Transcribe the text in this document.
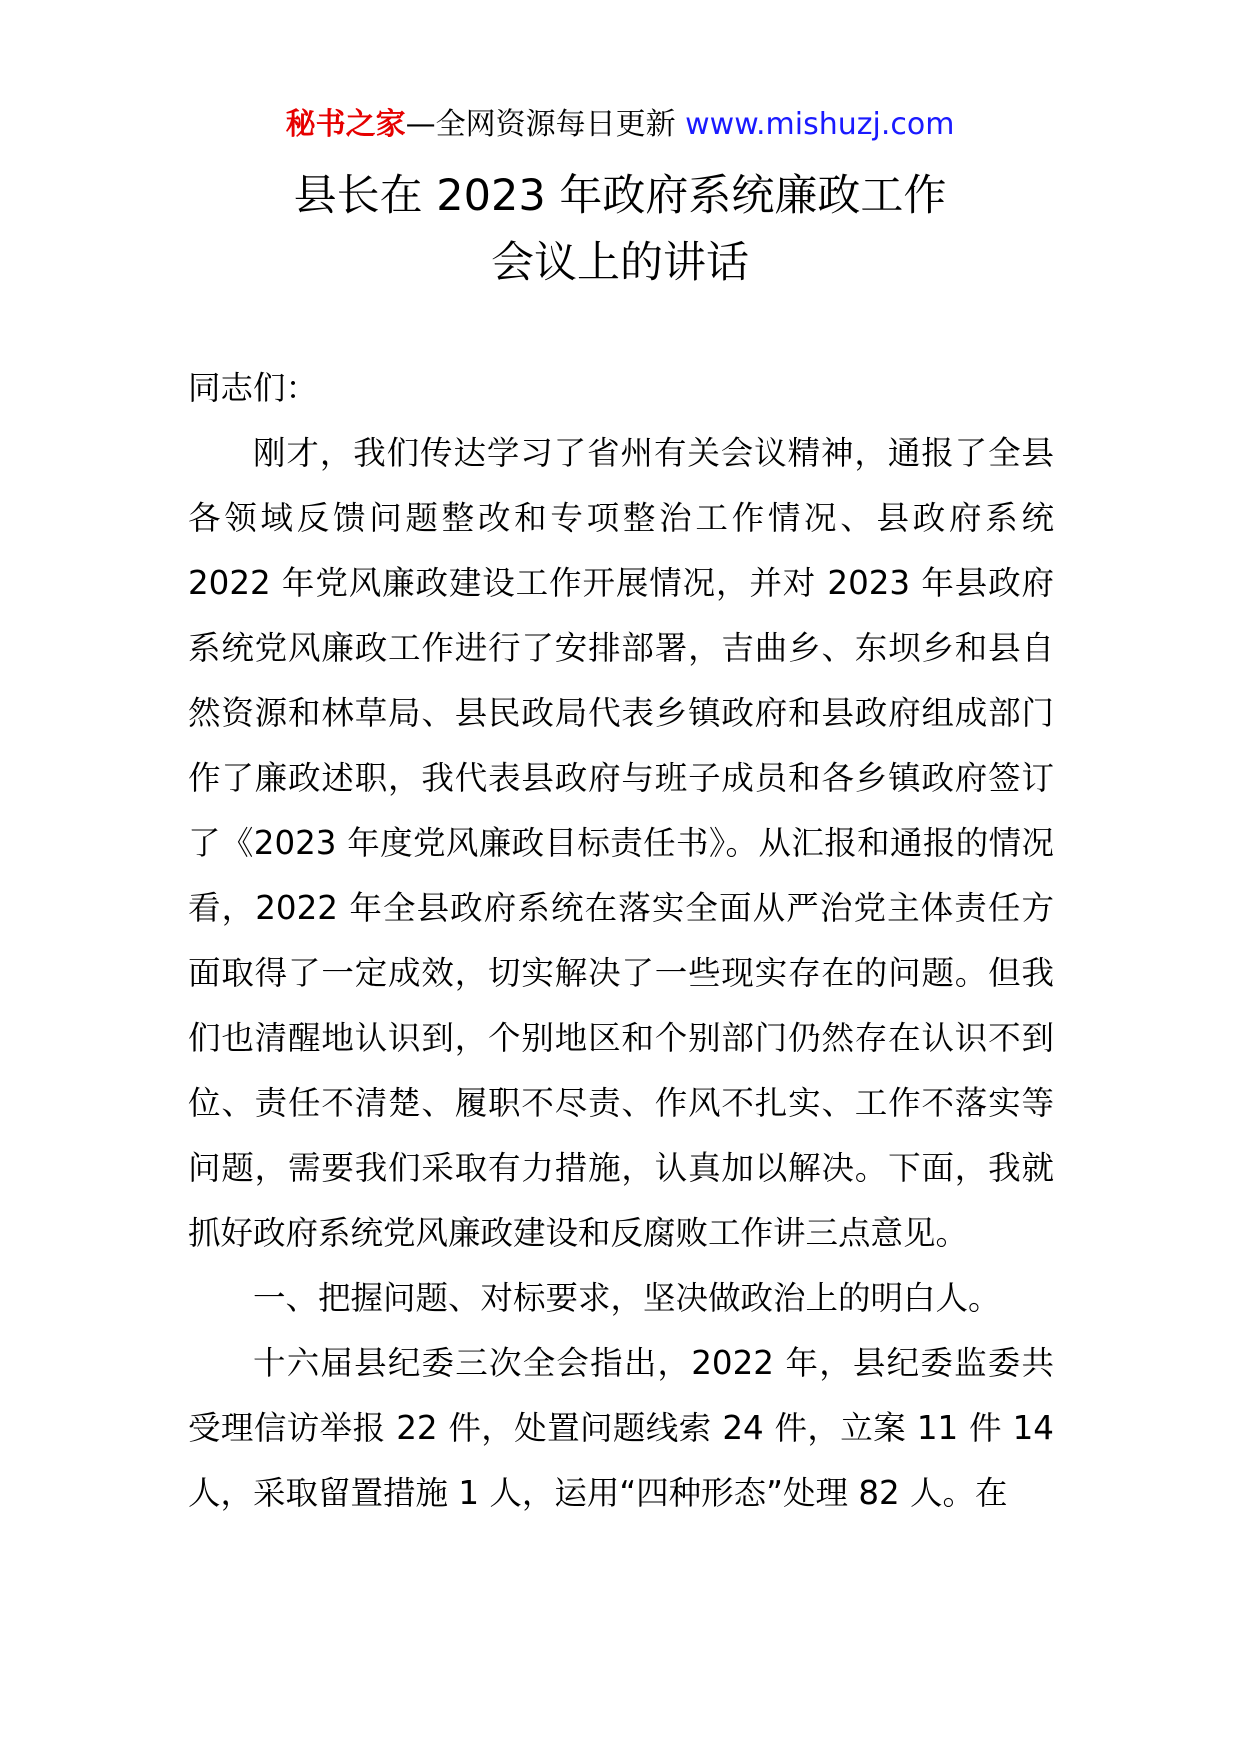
秘书之家—全网资源每日更新 www.mishuzj.com
县长在 2023 年政府系统廉政工作
会议上的讲话

同志们：

刚才，我们传达学习了省州有关会议精神，通报了全县各领域反馈问题整改和专项整治工作情况、县政府系统 2022 年党风廉政建设工作开展情况，并对 2023 年县政府系统党风廉政工作进行了安排部署，吉曲乡、东坝乡和县自然资源和林草局、县民政局代表乡镇政府和县政府组成部门作了廉政述职，我代表县政府与班子成员和各乡镇政府签订了《2023 年度党风廉政目标责任书》。从汇报和通报的情况看，2022 年全县政府系统在落实全面从严治党主体责任方面取得了一定成效，切实解决了一些现实存在的问题。但我们也清醒地认识到，个别地区和个别部门仍然存在认识不到位、责任不清楚、履职不尽责、作风不扎实、工作不落实等问题，需要我们采取有力措施，认真加以解决。下面，我就抓好政府系统党风廉政建设和反腐败工作讲三点意见。

一、把握问题、对标要求，坚决做政治上的明白人。

十六届县纪委三次全会指出，2022 年，县纪委监委共受理信访举报 22 件，处置问题线索 24 件，立案 11 件 14 人，采取留置措施 1 人，运用“四种形态”处理 82 人。在
